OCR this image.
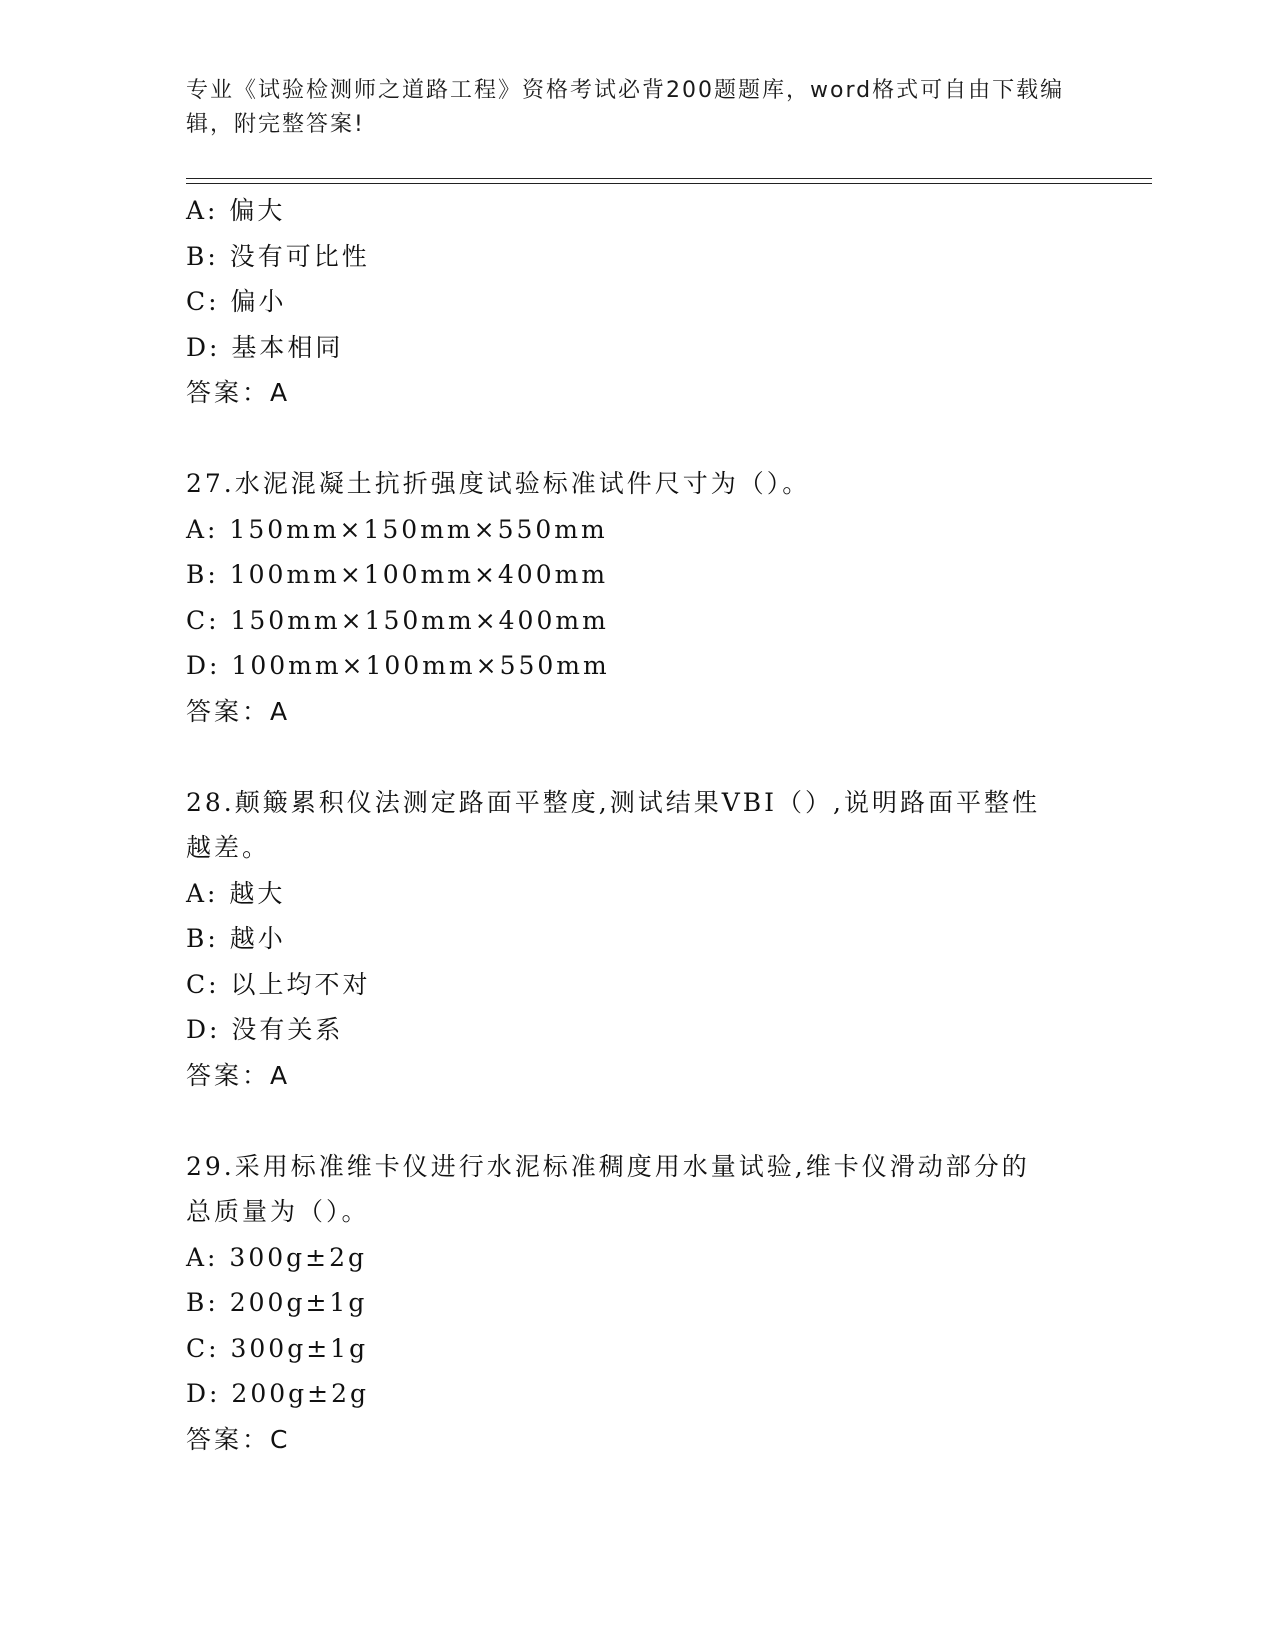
专业《试验检测师之道路工程》资格考试必背200题题库，word格式可自由下载编辑，附完整答案!
A: 偏大
B: 没有可比性
C: 偏小
D: 基本相同
答案：A
27.水泥混凝土抗折强度试验标准试件尺寸为（）。
A: 150mm×150mm×550mm
B: 100mm×100mm×400mm
C: 150mm×150mm×400mm
D: 100mm×100mm×550mm
答案：A
28.颠簸累积仪法测定路面平整度,测试结果VBI（）,说明路面平整性
越差。
A: 越大
B: 越小
C: 以上均不对
D: 没有关系
答案：A
29.采用标准维卡仪进行水泥标准稠度用水量试验,维卡仪滑动部分的
总质量为（）。
A: 300g±2g
B: 200g±1g
C: 300g±1g
D: 200g±2g
答案：C
